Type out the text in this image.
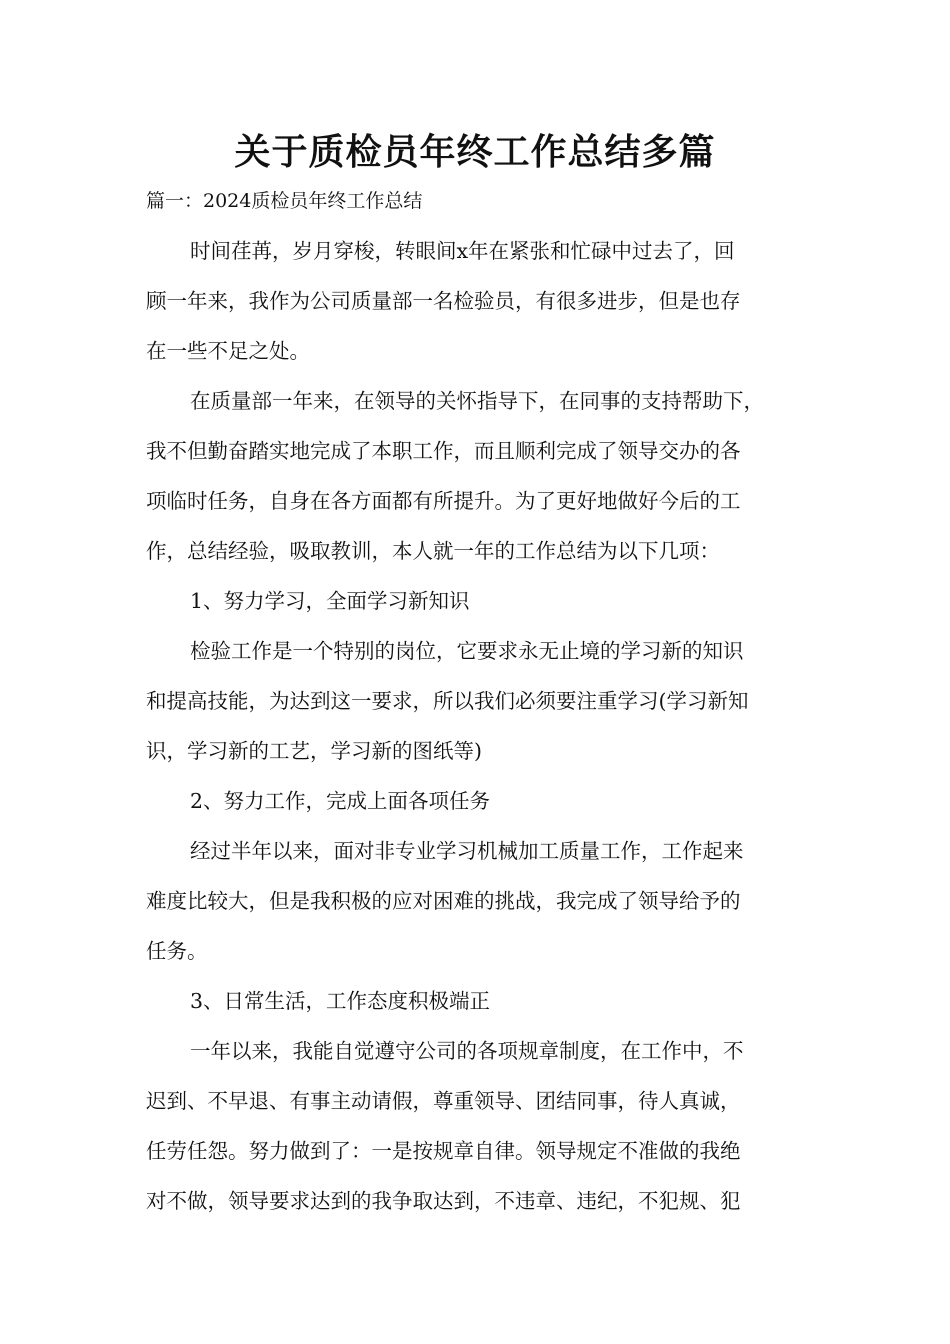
关于质检员年终工作总结多篇

篇一：2024质检员年终工作总结

时间荏苒，岁月穿梭，转眼间x年在紧张和忙碌中过去了，回

顾一年来，我作为公司质量部一名检验员，有很多进步，但是也存

在一些不足之处。

在质量部一年来，在领导的关怀指导下，在同事的支持帮助下，

我不但勤奋踏实地完成了本职工作，而且顺利完成了领导交办的各

项临时任务，自身在各方面都有所提升。为了更好地做好今后的工

作，总结经验，吸取教训，本人就一年的工作总结为以下几项：

1、努力学习，全面学习新知识

检验工作是一个特别的岗位，它要求永无止境的学习新的知识

和提高技能，为达到这一要求，所以我们必须要注重学习(学习新知

识，学习新的工艺，学习新的图纸等)

2、努力工作，完成上面各项任务

经过半年以来，面对非专业学习机械加工质量工作，工作起来

难度比较大，但是我积极的应对困难的挑战，我完成了领导给予的

任务。

3、日常生活，工作态度积极端正

一年以来，我能自觉遵守公司的各项规章制度，在工作中，不

迟到、不早退、有事主动请假，尊重领导、团结同事，待人真诚，

任劳任怨。努力做到了：一是按规章自律。领导规定不准做的我绝

对不做，领导要求达到的我争取达到，不违章、违纪，不犯规、犯
